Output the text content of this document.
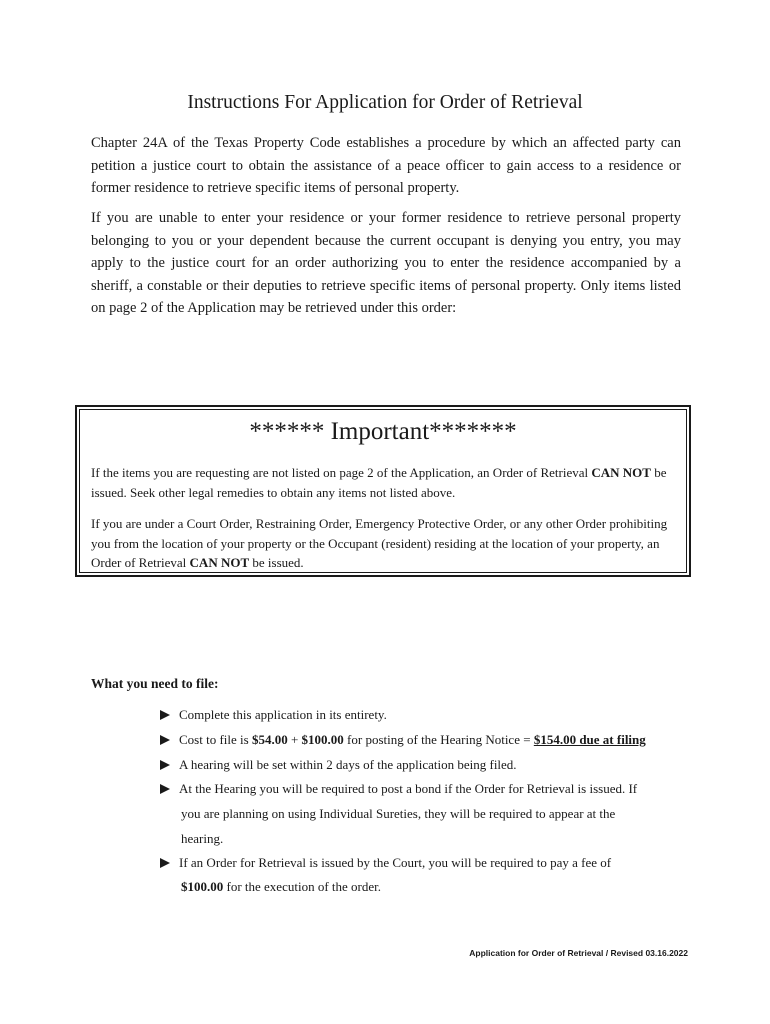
Instructions For Application for Order of Retrieval

Chapter 24A of the Texas Property Code establishes a procedure by which an affected party can petition a justice court to obtain the assistance of a peace officer to gain access to a residence or former residence to retrieve specific items of personal property.

If you are unable to enter your residence or your former residence to retrieve personal property belonging to you or your dependent because the current occupant is denying you entry, you may apply to the justice court for an order authorizing you to enter the residence accompanied by a sheriff, a constable or their deputies to retrieve specific items of personal property. Only items listed on page 2 of the Application may be retrieved under this order:

****** Important*******

If the items you are requesting are not listed on page 2 of the Application, an Order of Retrieval CAN NOT be issued. Seek other legal remedies to obtain any items not listed above.

If you are under a Court Order, Restraining Order, Emergency Protective Order, or any other Order prohibiting you from the location of your property or the Occupant (resident) residing at the location of your property, an Order of Retrieval CAN NOT be issued.

What you need to file:
Complete this application in its entirety.
Cost to file is $54.00 + $100.00 for posting of the Hearing Notice = $154.00 due at filing
A hearing will be set within 2 days of the application being filed.
At the Hearing you will be required to post a bond if the Order for Retrieval is issued. If
you are planning on using Individual Sureties, they will be required to appear at the
hearing.
If an Order for Retrieval is issued by the Court, you will be required to pay a fee of
$100.00 for the execution of the order.
Application for Order of Retrieval / Revised 03.16.2022
